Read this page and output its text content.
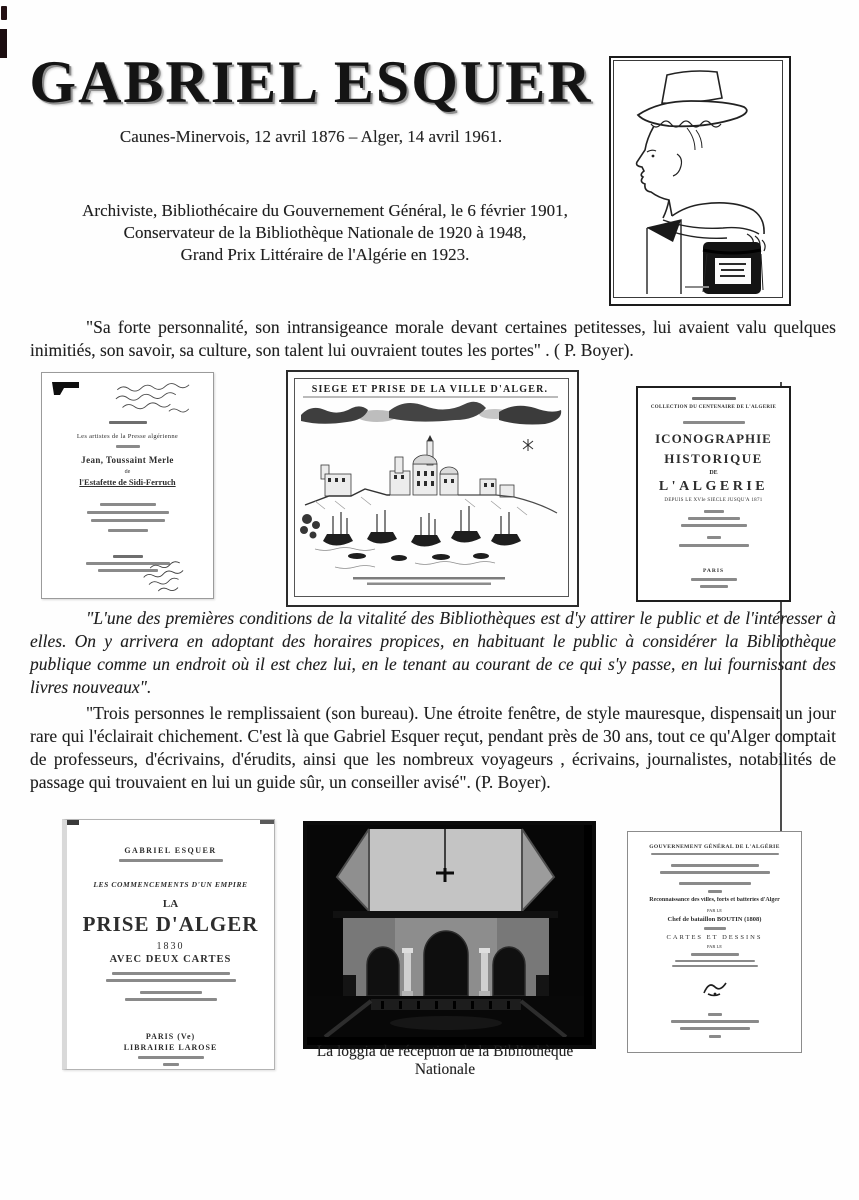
GABRIEL ESQUER
Caunes-Minervois, 12 avril 1876 – Alger, 14 avril 1961.
Archiviste, Bibliothécaire du Gouvernement Général, le 6 février 1901,
Conservateur de la Bibliothèque Nationale de 1920 à 1948,
Grand Prix Littéraire de l'Algérie en 1923.
"Sa forte personnalité, son intransigeance morale devant certaines petitesses, lui avaient valu quelques inimitiés, son savoir, sa culture, son talent lui ouvraient toutes les portes" . ( P. Boyer).
"L'une des premières conditions de la vitalité des Bibliothèques est d'y attirer le public et de l'intéresser à elles. On y arrivera en adoptant des horaires propices, en habituant le public à considérer la Bibliothèque publique comme un endroit où il est chez lui, en le tenant au courant de ce qui s'y passe, en lui fournissant des livres nouveaux".
"Trois personnes le remplissaient (son bureau). Une étroite fenêtre, de style mauresque, dispensait un jour rare qui l'éclairait chichement. C'est là que Gabriel Esquer reçut, pendant près de 30 ans, tout ce qu'Alger comptait de professeurs, d'écrivains, d'érudits, ainsi que les nombreux voyageurs , écrivains, journalistes, notabilités de passage qui trouvaient en lui un guide sûr, un conseiller avisé". (P. Boyer).
Les artistes de la Presse algérienne
Jean, Toussaint Merle
de
l'Estafette de Sidi-Ferruch
SIEGE ET PRISE DE LA VILLE D'ALGER.
COLLECTION DU CENTENAIRE DE L'ALGÉRIE
ICONOGRAPHIE
HISTORIQUE
DE
L'ALGERIE
DEPUIS LE XVIe SIÈCLE JUSQU'À 1871
PARIS
GABRIEL ESQUER
LES COMMENCEMENTS D'UN EMPIRE
LA
PRISE D'ALGER
1830
AVEC DEUX CARTES
PARIS (Ve)
LIBRAIRIE LAROSE	La loggia de réception de la Bibliothèque Nationale
GOUVERNEMENT GÉNÉRAL DE L'ALGÉRIE
Reconnaissance des villes, forts et batteries d'Alger
PAR LE
Chef de bataillon BOUTIN (1808)
CARTES ET DESSINS
PAR LE
